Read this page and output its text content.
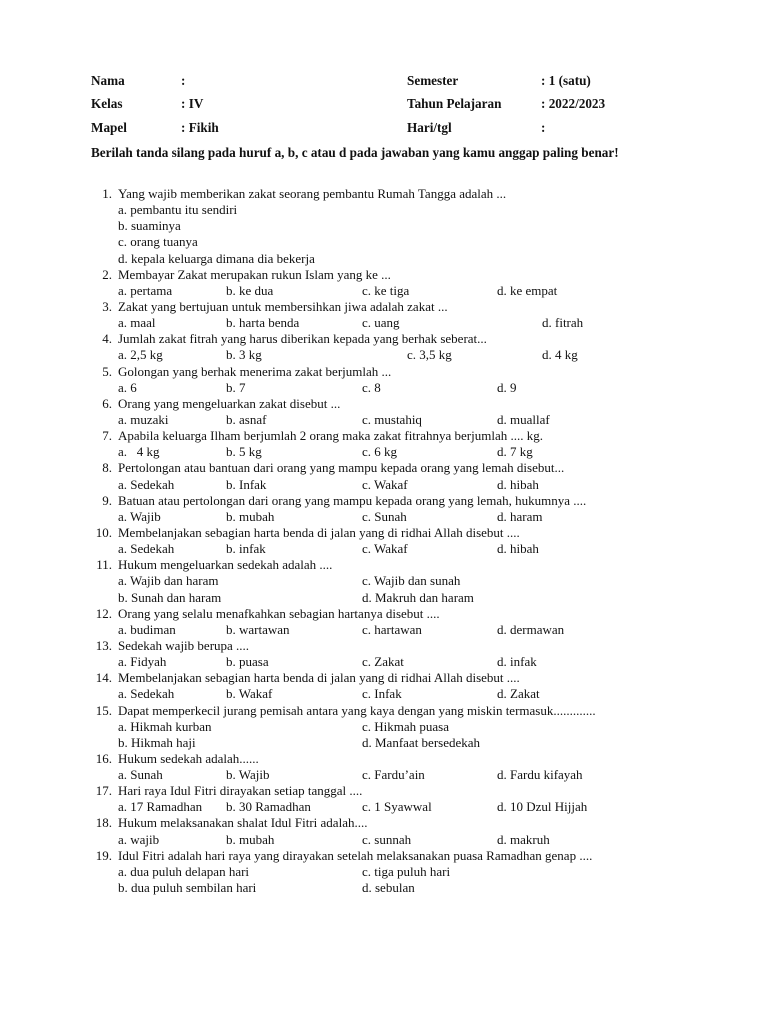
Nama	:	Semester	: 1 (satu)
Kelas	: IV	Tahun Pelajaran	: 2022/2023
Mapel	: Fikih	Hari/tgl	:
Berilah tanda silang pada huruf a, b, c atau d pada jawaban yang kamu anggap paling benar!
1. Yang wajib memberikan zakat seorang pembantu Rumah Tangga adalah ...
a. pembantu itu sendiri
b. suaminya
c. orang tuanya
d. kepala keluarga dimana dia bekerja
2. Membayar Zakat merupakan rukun Islam yang ke ...
a. pertama	b. ke dua	c. ke tiga	d. ke empat
3. Zakat yang bertujuan untuk membersihkan jiwa adalah zakat ...
a. maal	b. harta benda	c. uang	d. fitrah
4. Jumlah zakat fitrah yang harus diberikan kepada yang berhak seberat...
a. 2,5 kg	b. 3 kg	c. 3,5 kg	d. 4 kg
5. Golongan yang berhak menerima zakat berjumlah ...
a. 6	b. 7	c. 8	d. 9
6. Orang yang mengeluarkan zakat disebut ...
a. muzaki	b. asnaf	c. mustahiq	d. muallaf
7. Apabila keluarga Ilham berjumlah 2 orang maka zakat fitrahnya berjumlah .... kg.
a.   4 kg	b. 5 kg	c. 6 kg	d. 7 kg
8. Pertolongan atau bantuan dari orang yang mampu kepada orang yang lemah disebut...
a. Sedekah	b. Infak	c. Wakaf	d. hibah
9. Batuan atau pertolongan dari orang yang mampu kepada orang yang lemah, hukumnya ....
a. Wajib	b. mubah	c. Sunah	d. haram
10. Membelanjakan sebagian harta benda di jalan yang di ridhai Allah disebut ....
a. Sedekah	b. infak	c. Wakaf	d. hibah
11. Hukum mengeluarkan sedekah adalah ....
a. Wajib dan haram	c. Wajib dan sunah
b. Sunah dan haram	d. Makruh dan haram
12. Orang yang selalu menafkahkan sebagian hartanya disebut ....
a. budiman	b. wartawan	c. hartawan	d. dermawan
13. Sedekah wajib berupa ....
a. Fidyah	b. puasa	c. Zakat	d. infak
14. Membelanjakan sebagian harta benda di jalan yang di ridhai Allah disebut ....
a. Sedekah	b. Wakaf	c. Infak	d. Zakat
15. Dapat memperkecil jurang pemisah antara yang kaya dengan yang miskin termasuk.............
a. Hikmah kurban	c. Hikmah puasa
b. Hikmah haji	d. Manfaat bersedekah
16. Hukum sedekah adalah......
a. Sunah	b. Wajib	c. Fardu’ain	d. Fardu kifayah
17. Hari raya Idul Fitri dirayakan setiap tanggal ....
a. 17 Ramadhan b. 30 Ramadhan	c. 1 Syawwal	d. 10 Dzul Hijjah
18. Hukum melaksanakan shalat Idul Fitri adalah....
a. wajib	b. mubah	c. sunnah	d. makruh
19. Idul Fitri adalah hari raya yang dirayakan setelah melaksanakan puasa Ramadhan genap ....
a. dua puluh delapan hari	c. tiga puluh hari
b. dua puluh sembilan hari	d. sebulan
